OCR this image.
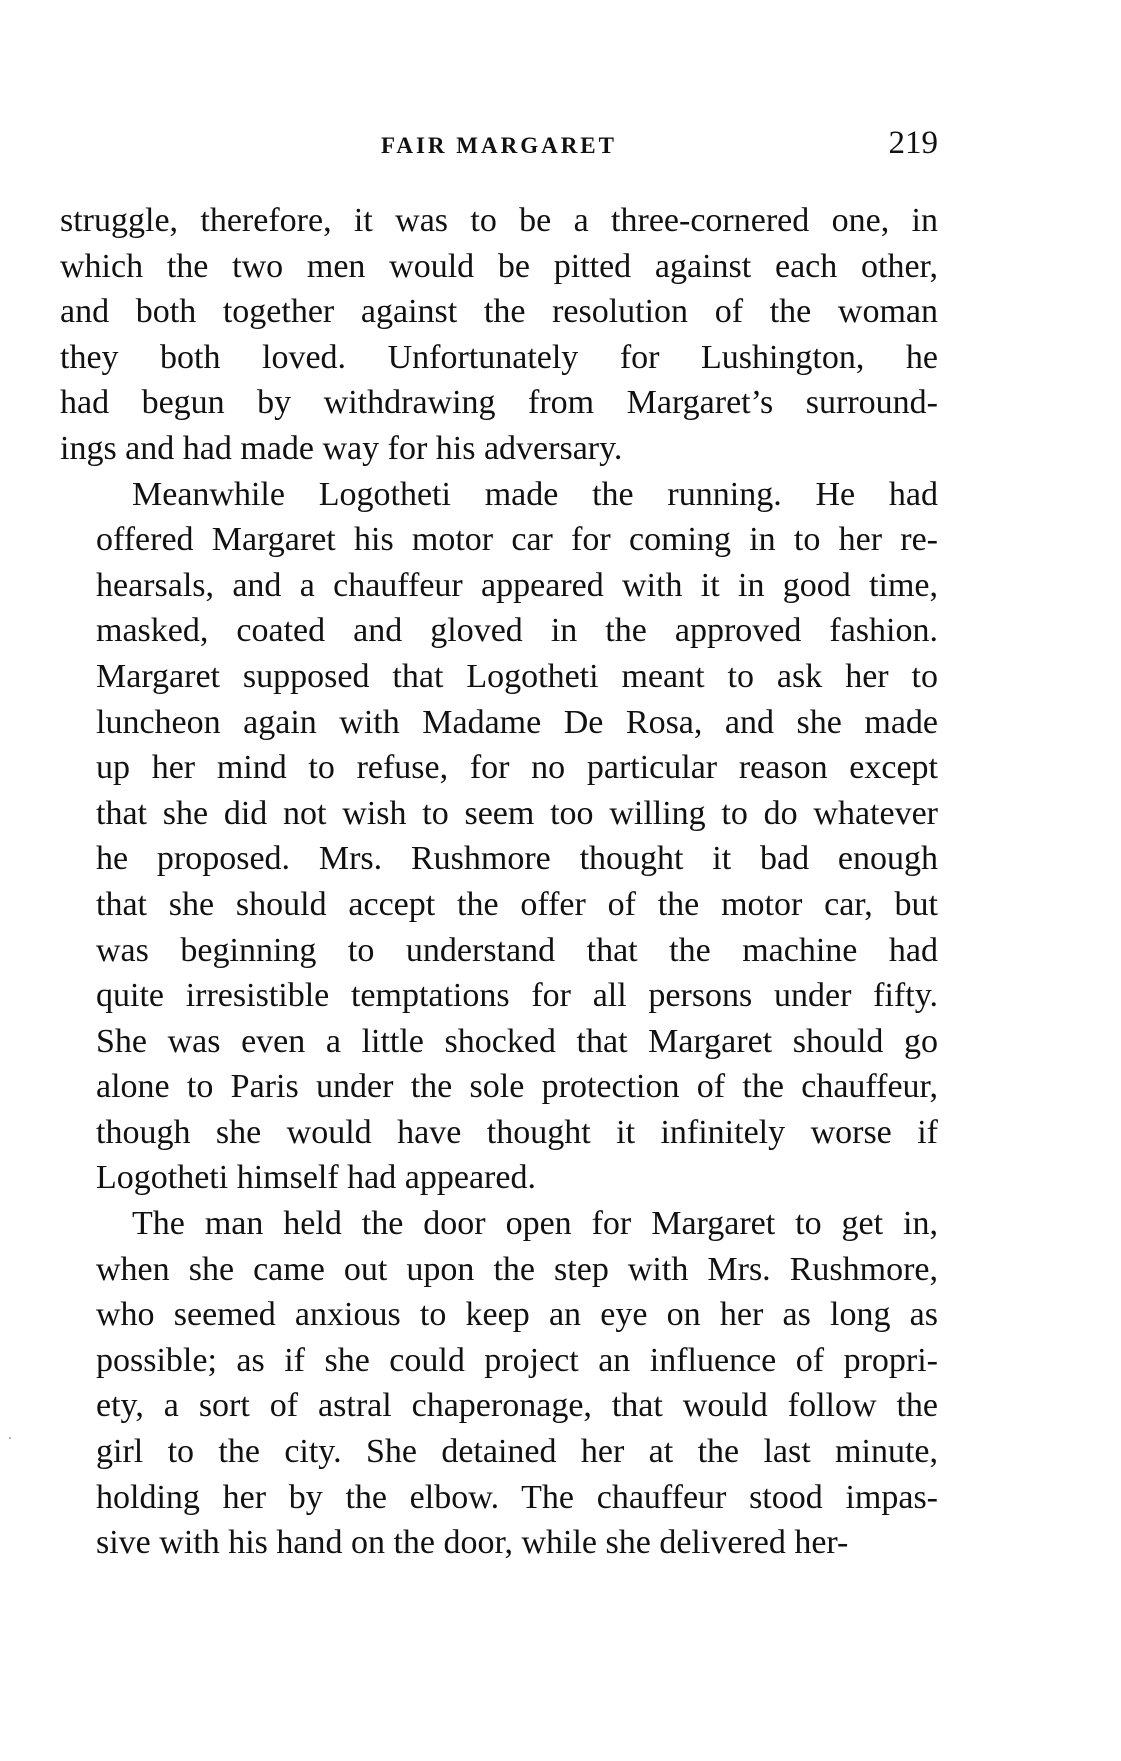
FAIR MARGARET	219
struggle, therefore, it was to be a three-cornered one, in
which the two men would be pitted against each other,
and both together against the resolution of the woman
they both loved. Unfortunately for Lushington, he
had begun by withdrawing from Margaret’s surround-
ings and had made way for his adversary.
Meanwhile Logotheti made the running. He had
offered Margaret his motor car for coming in to her re-
hearsals, and a chauffeur appeared with it in good time,
masked, coated and gloved in the approved fashion.
Margaret supposed that Logotheti meant to ask her to
luncheon again with Madame De Rosa, and she made
up her mind to refuse, for no particular reason except
that she did not wish to seem too willing to do whatever
he proposed. Mrs. Rushmore thought it bad enough
that she should accept the offer of the motor car, but
was beginning to understand that the machine had
quite irresistible temptations for all persons under fifty.
She was even a little shocked that Margaret should go
alone to Paris under the sole protection of the chauffeur,
though she would have thought it infinitely worse if
Logotheti himself had appeared.
The man held the door open for Margaret to get in,
when she came out upon the step with Mrs. Rushmore,
who seemed anxious to keep an eye on her as long as
possible; as if she could project an influence of propri-
ety, a sort of astral chaperonage, that would follow the
girl to the city. She detained her at the last minute,
holding her by the elbow. The chauffeur stood impas-
sive with his hand on the door, while she delivered her-
